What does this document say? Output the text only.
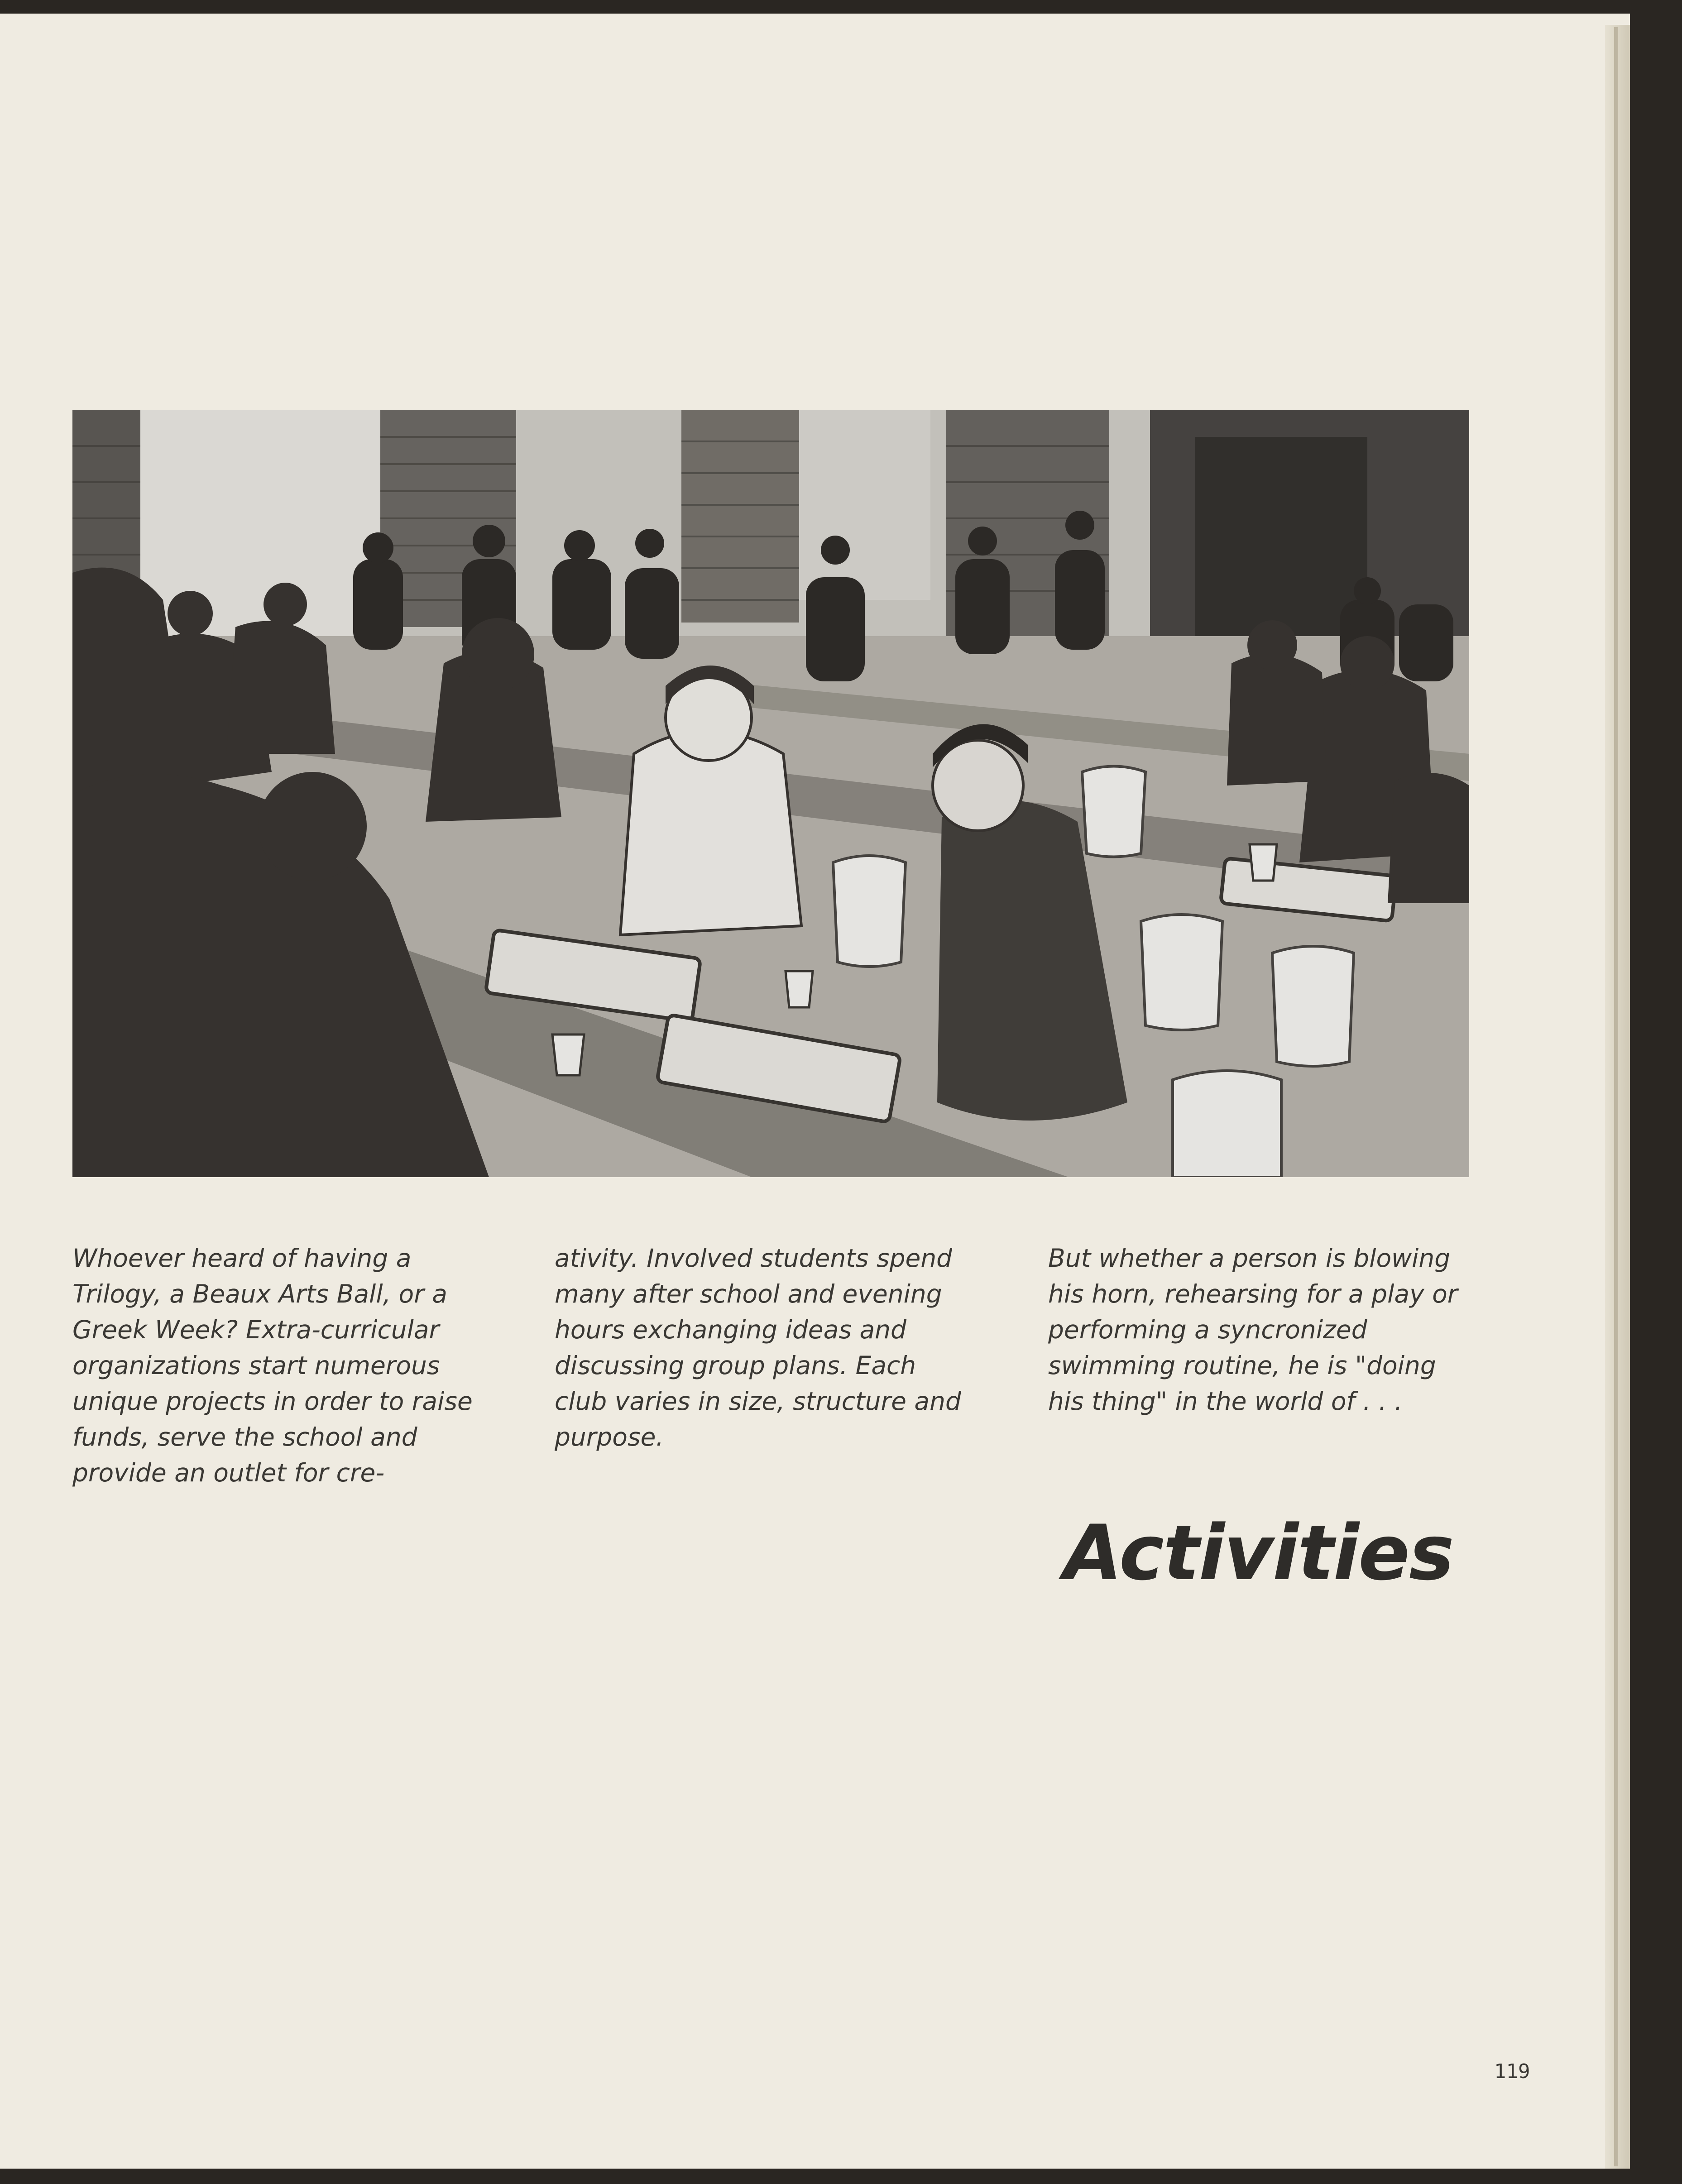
Whoever heard of having a Trilogy, a Beaux Arts Ball, or a Greek Week? Extra-curricular organizations start numerous unique projects in order to raise funds, serve the school and provide an outlet for cre-

ativity. Involved students spend many after school and evening hours exchanging ideas and discussing group plans. Each club varies in size, structure and purpose.

But whether a person is blowing his horn, rehearsing for a play or performing a syncronized swimming routine, he is "doing his thing" in the world of . . .

Activities
119
